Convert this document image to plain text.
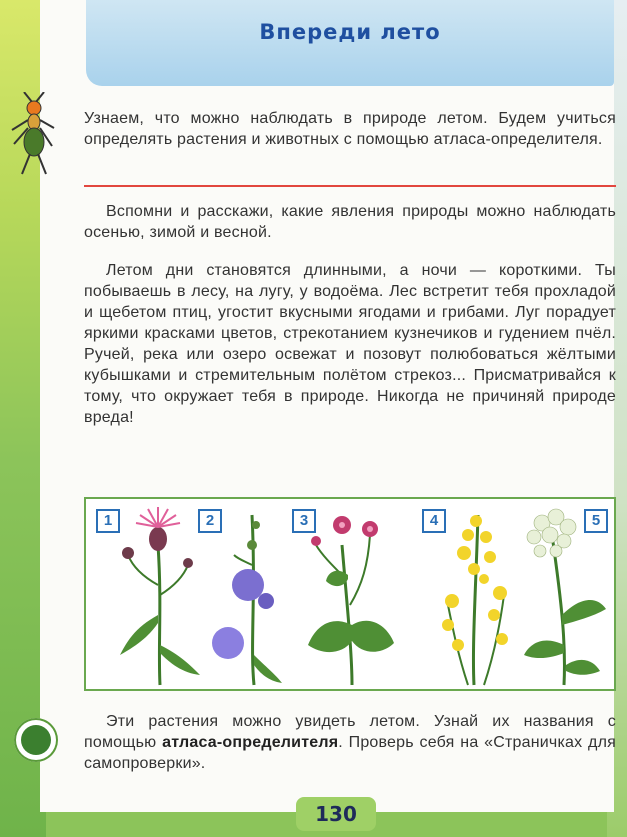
Впереди лето
Узнаем, что можно наблюдать в природе летом. Будем учиться определять растения и животных с помощью атласа-определителя.
Вспомни и расскажи, какие явления природы можно наблюдать осенью, зимой и весной.
Летом дни становятся длинными, а ночи — короткими. Ты побываешь в лесу, на лугу, у водоёма. Лес встретит тебя прохладой и щебетом птиц, угостит вкусными ягодами и грибами. Луг порадует яркими красками цветов, стрекотанием кузнечиков и гудением пчёл. Ручей, река или озеро освежат и позовут полюбоваться жёлтыми кубышками и стремительным полётом стрекоз... Присматривайся к тому, что окружает тебя в природе. Никогда не причиняй природе вреда!
1	2	3	4	5
Эти растения можно увидеть летом. Узнай их названия с помощью атласа-определителя. Проверь себя на «Страничках для самопроверки».
130
